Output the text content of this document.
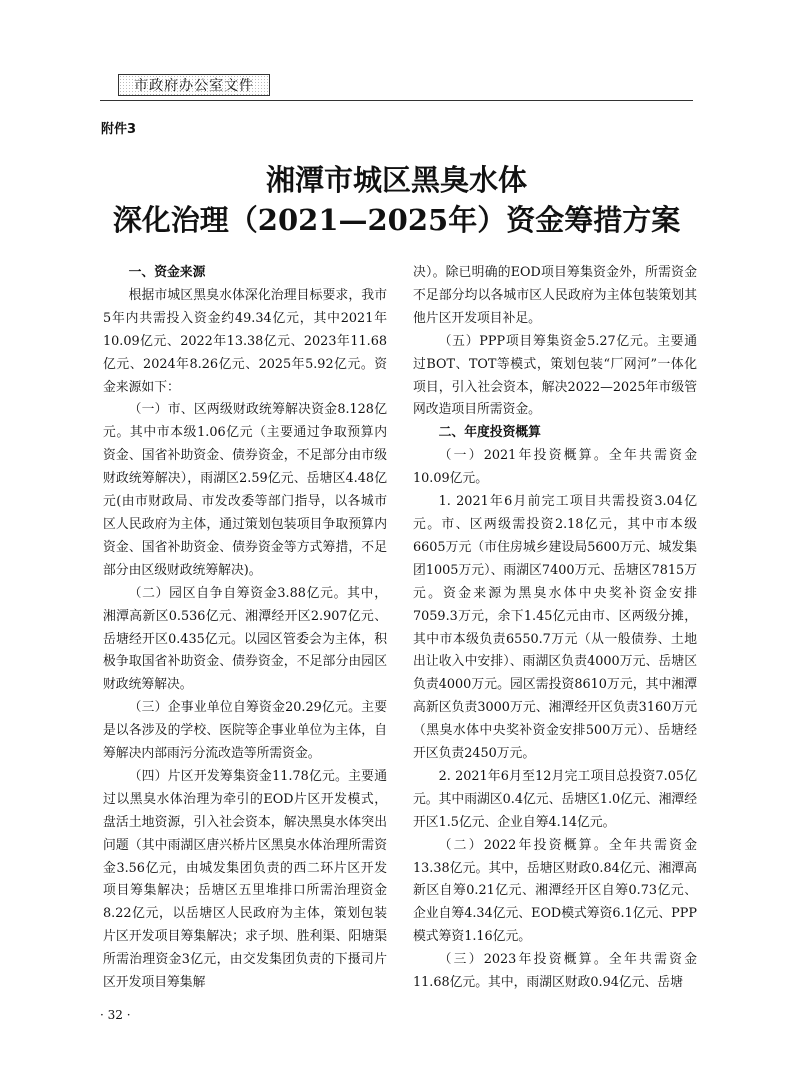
市政府办公室文件
附件3
湘潭市城区黑臭水体
深化治理（2021—2025年）资金筹措方案
一、资金来源

根据市城区黑臭水体深化治理目标要求，我市5年内共需投入资金约49.34亿元，其中2021年10.09亿元、2022年13.38亿元、2023年11.68亿元、2024年8.26亿元、2025年5.92亿元。资金来源如下：

（一）市、区两级财政统筹解决资金8.128亿元。其中市本级1.06亿元（主要通过争取预算内资金、国省补助资金、债券资金，不足部分由市级财政统筹解决），雨湖区2.59亿元、岳塘区4.48亿元(由市财政局、市发改委等部门指导，以各城市区人民政府为主体，通过策划包装项目争取预算内资金、国省补助资金、债券资金等方式筹措，不足部分由区级财政统筹解决)。

（二）园区自争自筹资金3.88亿元。其中，湘潭高新区0.536亿元、湘潭经开区2.907亿元、岳塘经开区0.435亿元。以园区管委会为主体，积极争取国省补助资金、债券资金，不足部分由园区财政统筹解决。

（三）企事业单位自筹资金20.29亿元。主要是以各涉及的学校、医院等企事业单位为主体，自筹解决内部雨污分流改造等所需资金。

（四）片区开发筹集资金11.78亿元。主要通过以黑臭水体治理为牵引的EOD片区开发模式，盘活土地资源，引入社会资本，解决黑臭水体突出问题（其中雨湖区唐兴桥片区黑臭水体治理所需资金3.56亿元，由城发集团负责的西二环片区开发项目筹集解决；岳塘区五里堆排口所需治理资金8.22亿元，以岳塘区人民政府为主体，策划包装片区开发项目筹集解决；求子坝、胜利渠、阳塘渠所需治理资金3亿元，由交发集团负责的下摄司片区开发项目筹集解

决）。除已明确的EOD项目筹集资金外，所需资金不足部分均以各城市区人民政府为主体包装策划其他片区开发项目补足。

（五）PPP项目筹集资金5.27亿元。主要通过BOT、TOT等模式，策划包装“厂网河”一体化项目，引入社会资本，解决2022—2025年市级管网改造项目所需资金。

二、年度投资概算

（一）2021年投资概算。全年共需资金10.09亿元。

1. 2021年6月前完工项目共需投资3.04亿元。市、区两级需投资2.18亿元，其中市本级6605万元（市住房城乡建设局5600万元、城发集团1005万元）、雨湖区7400万元、岳塘区7815万元。资金来源为黑臭水体中央奖补资金安排7059.3万元，余下1.45亿元由市、区两级分摊，其中市本级负责6550.7万元（从一般债券、土地出让收入中安排）、雨湖区负责4000万元、岳塘区负责4000万元。园区需投资8610万元，其中湘潭高新区负责3000万元、湘潭经开区负责3160万元（黑臭水体中央奖补资金安排500万元）、岳塘经开区负责2450万元。

2. 2021年6月至12月完工项目总投资7.05亿元。其中雨湖区0.4亿元、岳塘区1.0亿元、湘潭经开区1.5亿元、企业自筹4.14亿元。

（二）2022年投资概算。全年共需资金13.38亿元。其中，岳塘区财政0.84亿元、湘潭高新区自筹0.21亿元、湘潭经开区自筹0.73亿元、企业自筹4.34亿元、EOD模式筹资6.1亿元、PPP模式筹资1.16亿元。

（三）2023年投资概算。全年共需资金11.68亿元。其中，雨湖区财政0.94亿元、岳塘

· 32 ·
